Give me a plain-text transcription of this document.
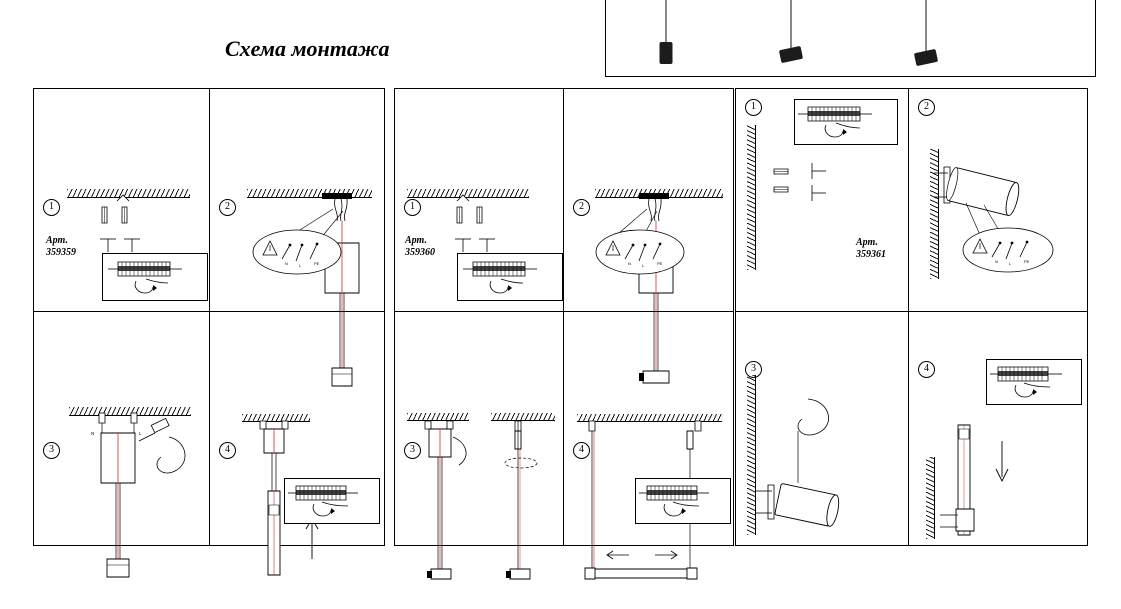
Схема монтажа
1
Арт.
359359
2
N	L	PE
3
N	L
4
1
Арт.
359360
2
N	L	PE
3	4
1
Арт.
359361
2
N	L	PE
3	4
